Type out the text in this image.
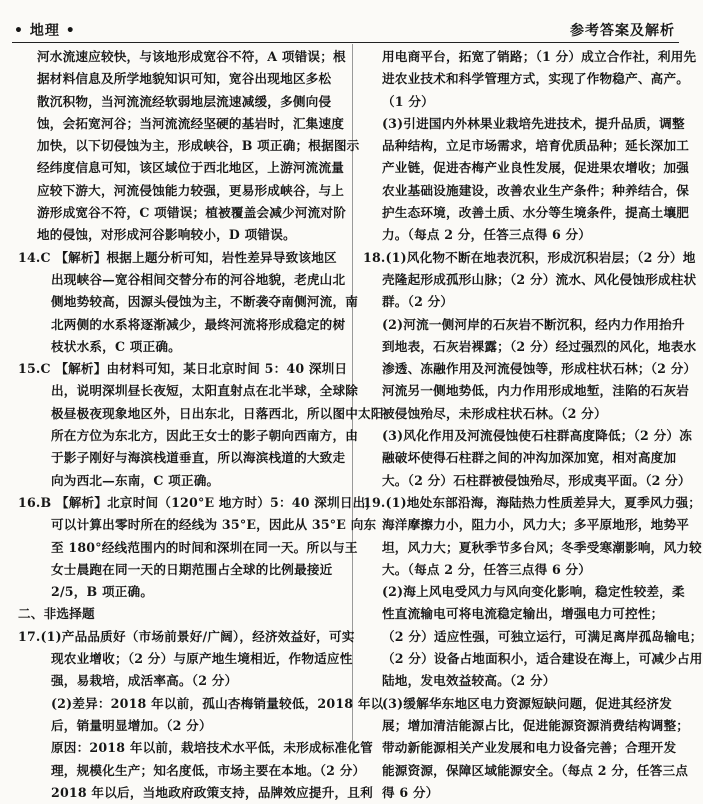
• 地理 •	参考答案及解析
河水流速应较快，与该地形成宽谷不符，A 项错误；根
据材料信息及所学地貌知识可知，宽谷出现地区多松
散沉积物，当河流流经软弱地层流速减缓，多侧向侵
蚀，会拓宽河谷；当河流流经坚硬的基岩时，汇集速度
加快，以下切侵蚀为主，形成峡谷，B 项正确；根据图示
经纬度信息可知，该区域位于西北地区，上游河流流量
应较下游大，河流侵蚀能力较强，更易形成峡谷，与上
游形成宽谷不符，C 项错误；植被覆盖会减少河流对阶
地的侵蚀，对形成河谷影响较小，D 项错误。
14.C 【解析】根据上题分析可知，岩性差异导致该地区
出现峡谷—宽谷相间交替分布的河谷地貌，老虎山北
侧地势较高，因源头侵蚀为主，不断袭夺南侧河流，南
北两侧的水系将逐渐减少，最终河流将形成稳定的树
枝状水系，C 项正确。
15.C 【解析】由材料可知，某日北京时间 5：40 深圳日
出，说明深圳昼长夜短，太阳直射点在北半球，全球除
极昼极夜现象地区外，日出东北，日落西北，所以图中太阳
所在方位为东北方，因此王女士的影子朝向西南方，由
于影子刚好与海滨栈道垂直，所以海滨栈道的大致走
向为西北—东南，C 项正确。
16.B 【解析】北京时间（120°E 地方时）5：40 深圳日出，
可以计算出零时所在的经线为 35°E，因此从 35°E 向东
至 180°经线范围内的时间和深圳在同一天。所以与王
女士晨跑在同一天的日期范围占全球的比例最接近
2/5，B 项正确。
二、非选择题
17.(1)产品品质好（市场前景好/广阔），经济效益好，可实
现农业增收；（2 分）与原产地生境相近，作物适应性
强，易栽培，成活率高。（2 分）
(2)差异：2018 年以前，孤山杏梅销量较低，2018 年以
后，销量明显增加。（2 分）
原因：2018 年以前，栽培技术水平低，未形成标准化管
理，规模化生产；知名度低，市场主要在本地。（2 分）
2018 年以后，当地政府政策支持，品牌效应提升，且利
用电商平台，拓宽了销路；（1 分）成立合作社，利用先
进农业技术和科学管理方式，实现了作物稳产、高产。
（1 分）
(3)引进国内外林果业栽培先进技术，提升品质，调整
品种结构，立足市场需求，培育优质品种；延长深加工
产业链，促进杏梅产业良性发展，促进果农增收；加强
农业基础设施建设，改善农业生产条件；种养结合，保
护生态环境，改善土质、水分等生境条件，提高土壤肥
力。（每点 2 分，任答三点得 6 分）
18.(1)风化物不断在地表沉积，形成沉积岩层；（2 分）地
壳隆起形成孤形山脉；（2 分）流水、风化侵蚀形成柱状
群。（2 分）
(2)河流一侧河岸的石灰岩不断沉积，经内力作用抬升
到地表，石灰岩裸露；（2 分）经过强烈的风化，地表水
渗透、冻融作用及河流侵蚀等，形成柱状石林；（2 分）
河流另一侧地势低，内力作用形成地堑，洼陷的石灰岩
被侵蚀殆尽，未形成柱状石林。（2 分）
(3)风化作用及河流侵蚀使石柱群高度降低；（2 分）冻
融破坏使得石柱群之间的冲沟加深加宽，相对高度加
大。（2 分）石柱群被侵蚀殆尽，形成夷平面。（2 分）
19.(1)地处东部沿海，海陆热力性质差异大，夏季风力强；
海洋摩擦力小，阻力小，风力大；多平原地形，地势平
坦，风力大；夏秋季节多台风；冬季受寒潮影响，风力较
大。（每点 2 分，任答三点得 6 分）
(2)海上风电受风力与风向变化影响，稳定性较差，柔
性直流输电可将电流稳定输出，增强电力可控性；
（2 分）适应性强，可独立运行，可满足离岸孤岛输电；
（2 分）设备占地面积小，适合建设在海上，可减少占用
陆地，发电效益较高。（2 分）
(3)缓解华东地区电力资源短缺问题，促进其经济发
展；增加清洁能源占比，促进能源资源消费结构调整；
带动新能源相关产业发展和电力设备完善；合理开发
能源资源，保障区域能源安全。（每点 2 分，任答三点
得 6 分）
